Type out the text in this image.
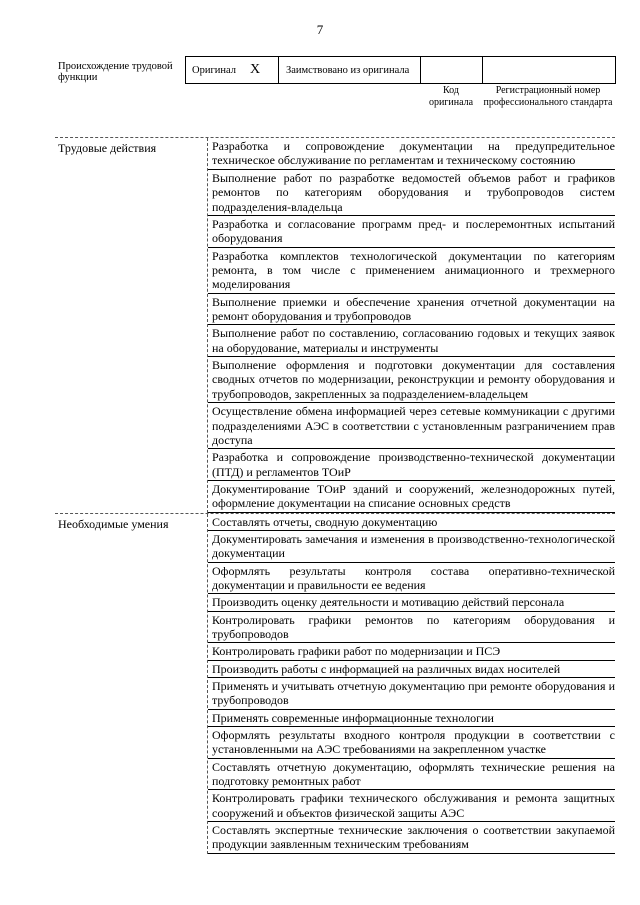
7
Происхождение трудовой функции
Оригинал X Заимствовано из оригинала
Код оригинала
Регистрационный номер профессионального стандарта
Трудовые действия	Разработка и сопровождение документации на предупредительное техническое обслуживание по регламентам и техническому состоянию
Выполнение работ по разработке ведомостей объемов работ и графиков ремонтов по категориям оборудования и трубопроводов систем подразделения-владельца
Разработка и согласование программ пред- и послеремонтных испытаний оборудования
Разработка комплектов технологической документации по категориям ремонта, в том числе с применением анимационного и трехмерного моделирования
Выполнение приемки и обеспечение хранения отчетной документации на ремонт оборудования и трубопроводов
Выполнение работ по составлению, согласованию годовых и текущих заявок на оборудование, материалы и инструменты
Выполнение оформления и подготовки документации для составления сводных отчетов по модернизации, реконструкции и ремонту оборудования и трубопроводов, закрепленных за подразделением-владельцем
Осуществление обмена информацией через сетевые коммуникации с другими подразделениями АЭС в соответствии с установленным разграничением прав доступа
Разработка и сопровождение производственно-технической документации (ПТД) и регламентов ТОиР
Документирование ТОиР зданий и сооружений, железнодорожных путей, оформление документации на списание основных средств
Необходимые умения	Составлять отчеты, сводную документацию
Документировать замечания и изменения в производственно-технологической документации
Оформлять результаты контроля состава оперативно-технической документации и правильности ее ведения
Производить оценку деятельности и мотивацию действий персонала
Контролировать графики ремонтов по категориям оборудования и трубопроводов
Контролировать графики работ по модернизации и ПСЭ
Производить работы с информацией на различных видах носителей
Применять и учитывать отчетную документацию при ремонте оборудования и трубопроводов
Применять современные информационные технологии
Оформлять результаты входного контроля продукции в соответствии с установленными на АЭС требованиями на закрепленном участке
Составлять отчетную документацию, оформлять технические решения на подготовку ремонтных работ
Контролировать графики технического обслуживания и ремонта защитных сооружений и объектов физической защиты АЭС
Составлять экспертные технические заключения о соответствии закупаемой продукции заявленным техническим требованиям
